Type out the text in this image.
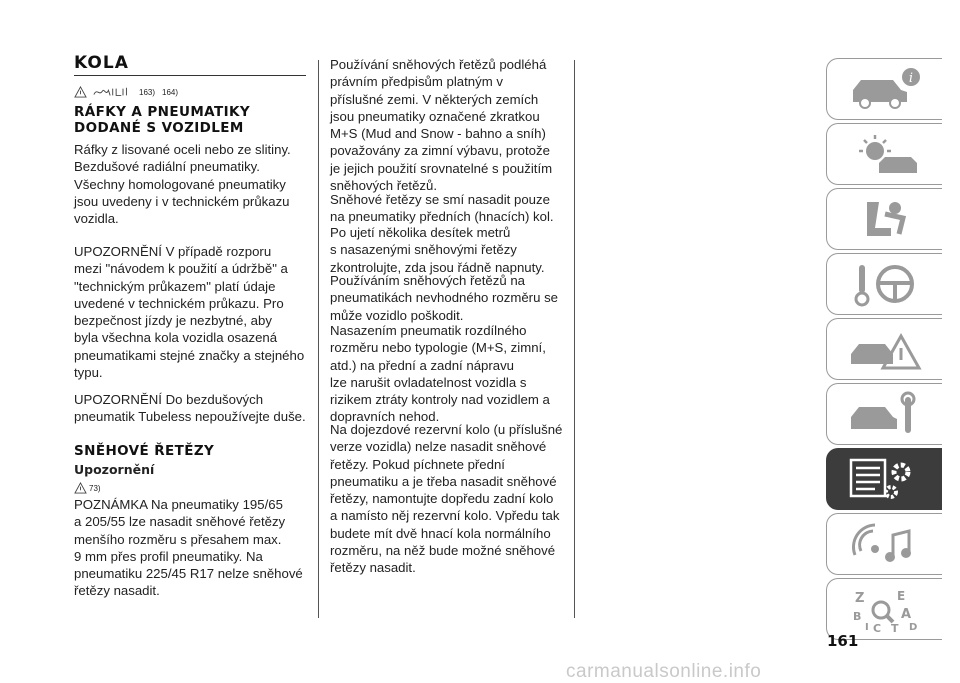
KOLA
163) 164)
RÁFKY A PNEUMATIKY
DODANÉ S VOZIDLEM
Ráfky z lisované oceli nebo ze slitiny.
Bezdušové radiální pneumatiky.
Všechny homologované pneumatiky
jsou uvedeny i v technickém průkazu
vozidla.
UPOZORNĚNÍ V případě rozporu
mezi "návodem k použití a údržbě" a
"technickým průkazem" platí údaje
uvedené v technickém průkazu. Pro
bezpečnost jízdy je nezbytné, aby
byla všechna kola vozidla osazená
pneumatikami stejné značky a stejného
typu.
UPOZORNĚNÍ Do bezdušových
pneumatik Tubeless nepoužívejte duše.
SNĚHOVÉ ŘETĚZY
Upozornění
73)
POZNÁMKA Na pneumatiky 195/65
a 205/55 lze nasadit sněhové řetězy
menšího rozměru s přesahem max.
9 mm přes profil pneumatiky. Na
pneumatiku 225/45 R17 nelze sněhové
řetězy nasadit.
Používání sněhových řetězů podléhá
právním předpisům platným v
příslušné zemi. V některých zemích
jsou pneumatiky označené zkratkou
M+S (Mud and Snow - bahno a sníh)
považovány za zimní výbavu, protože
je jejich použití srovnatelné s použitím
sněhových řetězů.
Sněhové řetězy se smí nasadit pouze
na pneumatiky předních (hnacích) kol.
Po ujetí několika desítek metrů
s nasazenými sněhovými řetězy
zkontrolujte, zda jsou řádně napnuty.
Používáním sněhových řetězů na
pneumatikách nevhodného rozměru se
může vozidlo poškodit.
Nasazením pneumatik rozdílného
rozměru nebo typologie (M+S, zimní,
atd.) na přední a zadní nápravu
lze narušit ovladatelnost vozidla s
rizikem ztráty kontroly nad vozidlem a
dopravních nehod.
Na dojezdové rezervní kolo (u příslušné
verze vozidla) nelze nasadit sněhové
řetězy. Pokud píchnete přední
pneumatiku a je třeba nasadit sněhové
řetězy, namontujte dopředu zadní kolo
a namísto něj rezervní kolo. Vpředu tak
budete mít dvě hnací kola normálního
rozměru, na něž bude možné sněhové
řetězy nasadit.
i
Z	E
B	A
I C T D
161
carmanualsonline.info
